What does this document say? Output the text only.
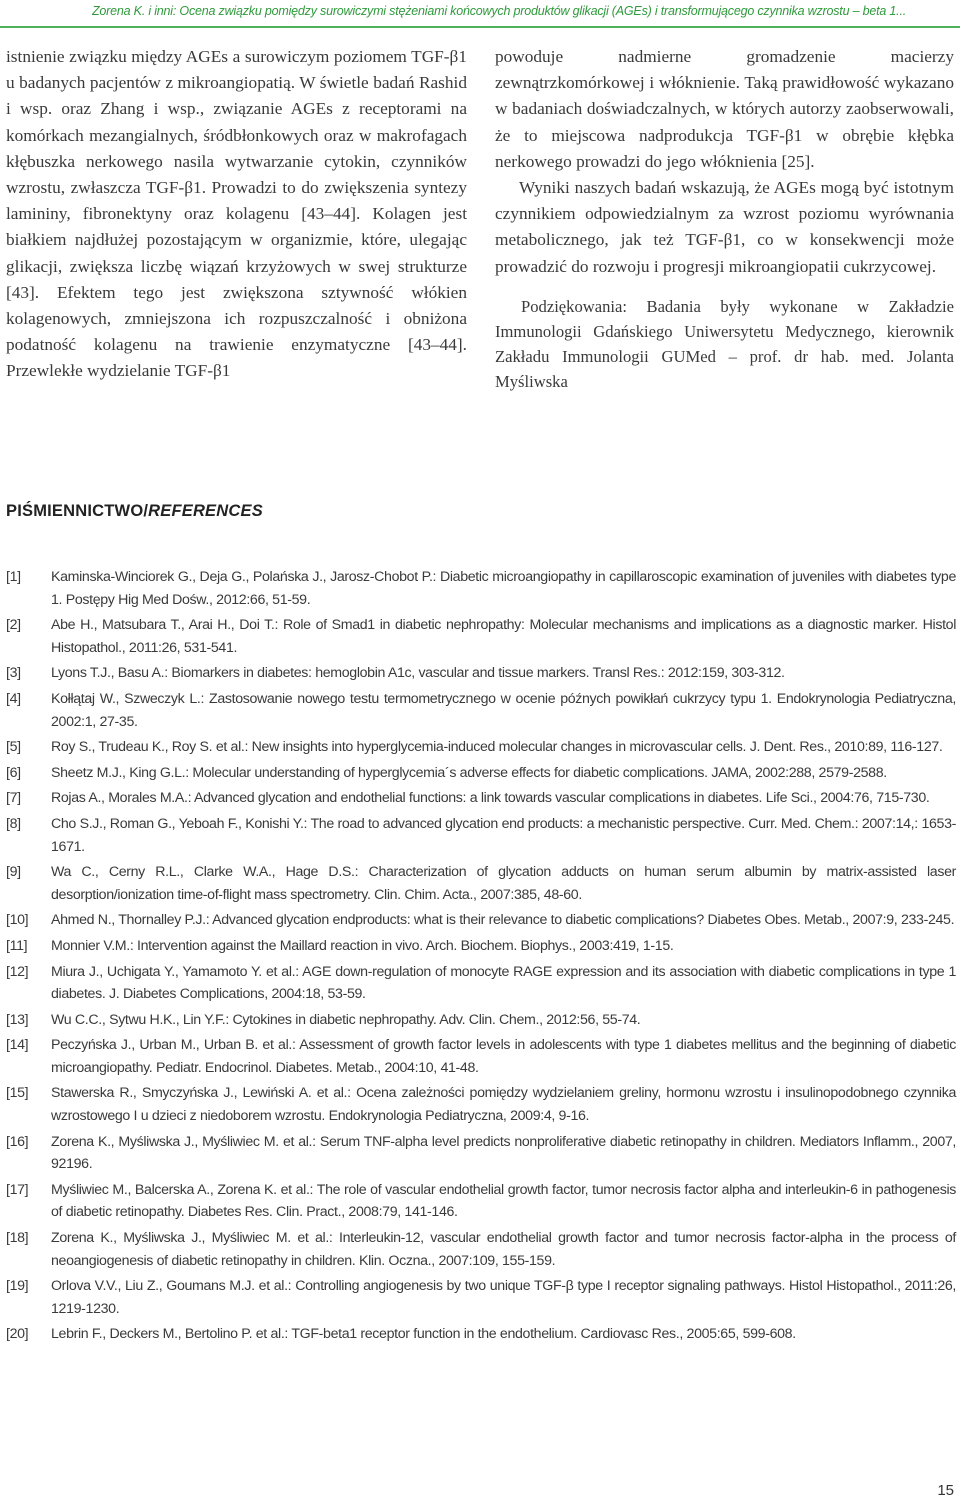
Zorena K. i inni: Ocena związku pomiędzy surowiczymi stężeniami końcowych produktów glikacji (AGEs) i transformującego czynnika wzrostu – beta 1...

istnienie związku między AGEs a surowiczym poziomem TGF-β1 u badanych pacjentów z mikroangiopatią. W świetle badań Rashid i wsp. oraz Zhang i wsp., związanie AGEs z receptorami na komórkach mezangialnych, śródbłonkowych oraz w makrofagach kłębuszka nerkowego nasila wytwarzanie cytokin, czynników wzrostu, zwłaszcza TGF-β1. Prowadzi to do zwiększenia syntezy lamininy, fibronektyny oraz kolagenu [43–44]. Kolagen jest białkiem najdłużej pozostającym w organizmie, które, ulegając glikacji, zwiększa liczbę wiązań krzyżowych w swej strukturze [43]. Efektem tego jest zwiększona sztywność włókien kolagenowych, zmniejszona ich rozpuszczalność i obniżona podatność kolagenu na trawienie enzymatyczne [43–44]. Przewlekłe wydzielanie TGF-β1

powoduje nadmierne gromadzenie macierzy zewnątrzkomórkowej i włóknienie. Taką prawidłowość wykazano w badaniach doświadczalnych, w których autorzy zaobserwowali, że to miejscowa nadprodukcja TGF-β1 w obrębie kłębka nerkowego prowadzi do jego włóknienia [25].

Wyniki naszych badań wskazują, że AGEs mogą być istotnym czynnikiem odpowiedzialnym za wzrost poziomu wyrównania metabolicznego, jak też TGF-β1, co w konsekwencji może prowadzić do rozwoju i progresji mikroangiopatii cukrzycowej.

Podziękowania: Badania były wykonane w Zakładzie Immunologii Gdańskiego Uniwersytetu Medycznego, kierownik Zakładu Immunologii GUMed – prof. dr hab. med. Jolanta Myśliwska

PIŚMIENNICTWO/REFERENCES
[1]	Kaminska-Winciorek G., Deja G., Polańska J., Jarosz-Chobot P.: Diabetic microangiopathy in capillaroscopic examination of juveniles with diabetes type 1. Postępy Hig Med Dośw., 2012:66, 51-59.
[2]	Abe H., Matsubara T., Arai H., Doi T.: Role of Smad1 in diabetic nephropathy: Molecular mechanisms and implications as a diagnostic marker. Histol Histopathol., 2011:26, 531-541.
[3]	Lyons T.J., Basu A.: Biomarkers in diabetes: hemoglobin A1c, vascular and tissue markers. Transl Res.: 2012:159, 303-312.
[4]	Kołłątaj W., Szweczyk L.: Zastosowanie nowego testu termometrycznego w ocenie późnych powikłań cukrzycy typu 1. Endokrynologia Pediatryczna, 2002:1, 27-35.
[5]	Roy S., Trudeau K., Roy S. et al.: New insights into hyperglycemia-induced molecular changes in microvascular cells. J. Dent. Res., 2010:89, 116-127.
[6]	Sheetz M.J., King G.L.: Molecular understanding of hyperglycemia´s adverse effects for diabetic complications. JAMA, 2002:288, 2579-2588.
[7]	Rojas A., Morales M.A.: Advanced glycation and endothelial functions: a link towards vascular complications in diabetes. Life Sci., 2004:76, 715-730.
[8]	Cho S.J., Roman G., Yeboah F., Konishi Y.: The road to advanced glycation end products: a mechanistic perspective. Curr. Med. Chem.: 2007:14,: 1653-1671.
[9]	Wa C., Cerny R.L., Clarke W.A., Hage D.S.: Characterization of glycation adducts on human serum albumin by matrix-assisted laser desorption/ionization time-of-flight mass spectrometry. Clin. Chim. Acta., 2007:385, 48-60.
[10]	Ahmed N., Thornalley P.J.: Advanced glycation endproducts: what is their relevance to diabetic complications? Diabetes Obes. Metab., 2007:9, 233-245.
[11]	Monnier V.M.: Intervention against the Maillard reaction in vivo. Arch. Biochem. Biophys., 2003:419, 1-15.
[12]	Miura J., Uchigata Y., Yamamoto Y. et al.: AGE down-regulation of monocyte RAGE expression and its association with diabetic complications in type 1 diabetes. J. Diabetes Complications, 2004:18, 53-59.
[13]	Wu C.C., Sytwu H.K., Lin Y.F.: Cytokines in diabetic nephropathy. Adv. Clin. Chem., 2012:56, 55-74.
[14]	Peczyńska J., Urban M., Urban B. et al.: Assessment of growth factor levels in adolescents with type 1 diabetes mellitus and the beginning of diabetic microangiopathy. Pediatr. Endocrinol. Diabetes. Metab., 2004:10, 41-48.
[15]	Stawerska R., Smyczyńska J., Lewiński A. et al.: Ocena zależności pomiędzy wydzielaniem greliny, hormonu wzrostu i insulinopodobnego czynnika wzrostowego I u dzieci z niedoborem wzrostu. Endokrynologia Pediatryczna, 2009:4, 9-16.
[16]	Zorena K., Myśliwska J., Myśliwiec M. et al.: Serum TNF-alpha level predicts nonproliferative diabetic retinopathy in children. Mediators Inflamm., 2007, 92196.
[17]	Myśliwiec M., Balcerska A., Zorena K. et al.: The role of vascular endothelial growth factor, tumor necrosis factor alpha and interleukin-6 in pathogenesis of diabetic retinopathy. Diabetes Res. Clin. Pract., 2008:79, 141-146.
[18]	Zorena K., Myśliwska J., Myśliwiec M. et al.: Interleukin-12, vascular endothelial growth factor and tumor necrosis factor-alpha in the process of neoangiogenesis of diabetic retinopathy in children. Klin. Oczna., 2007:109, 155-159.
[19]	Orlova V.V., Liu Z., Goumans M.J. et al.: Controlling angiogenesis by two unique TGF-β type I receptor signaling pathways. Histol Histopathol., 2011:26, 1219-1230.
[20]	Lebrin F., Deckers M., Bertolino P. et al.: TGF-beta1 receptor function in the endothelium. Cardiovasc Res., 2005:65, 599-608.
15
